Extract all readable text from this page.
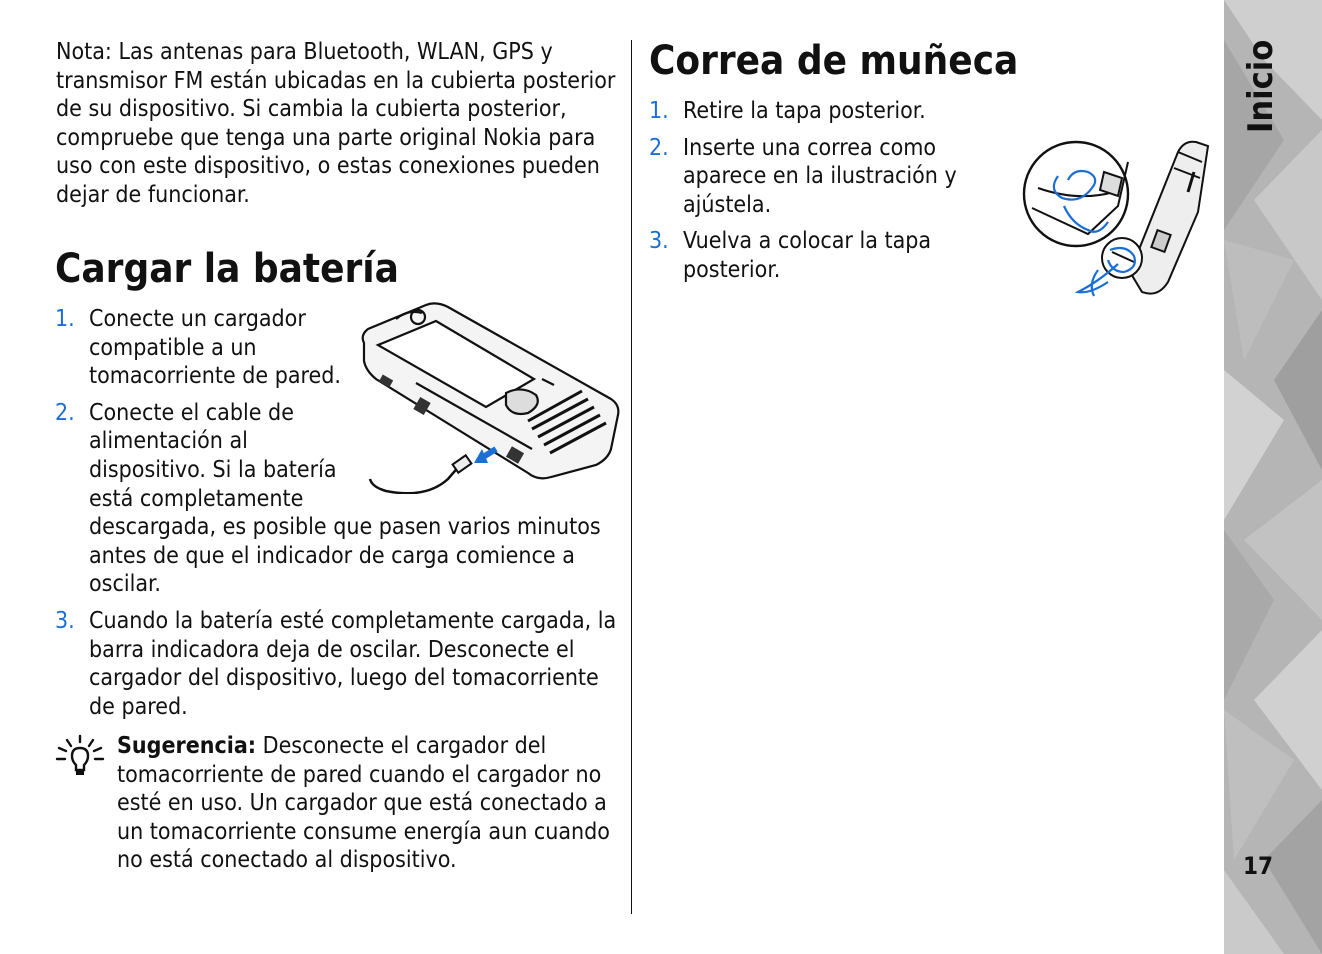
Nota: Las antenas para Bluetooth, WLAN, GPS y transmisor FM están ubicadas en la cubierta posterior de su dispositivo. Si cambia la cubierta posterior, compruebe que tenga una parte original Nokia para uso con este dispositivo, o estas conexiones pueden dejar de funcionar.
Cargar la batería
1. Conecte un cargador compatible a un tomacorriente de pared.
2. Conecte el cable de alimentación al dispositivo. Si la batería está completamente descargada, es posible que pasen varios minutos antes de que el indicador de carga comience a oscilar.
3. Cuando la batería esté completamente cargada, la barra indicadora deja de oscilar. Desconecte el cargador del dispositivo, luego del tomacorriente de pared.
Sugerencia: Desconecte el cargador del tomacorriente de pared cuando el cargador no esté en uso. Un cargador que está conectado a un tomacorriente consume energía aun cuando no está conectado al dispositivo.
Correa de muñeca
1. Retire la tapa posterior.
2. Inserte una correa como aparece en la ilustración y ajústela.
3. Vuelva a colocar la tapa posterior.
Inicio
17
